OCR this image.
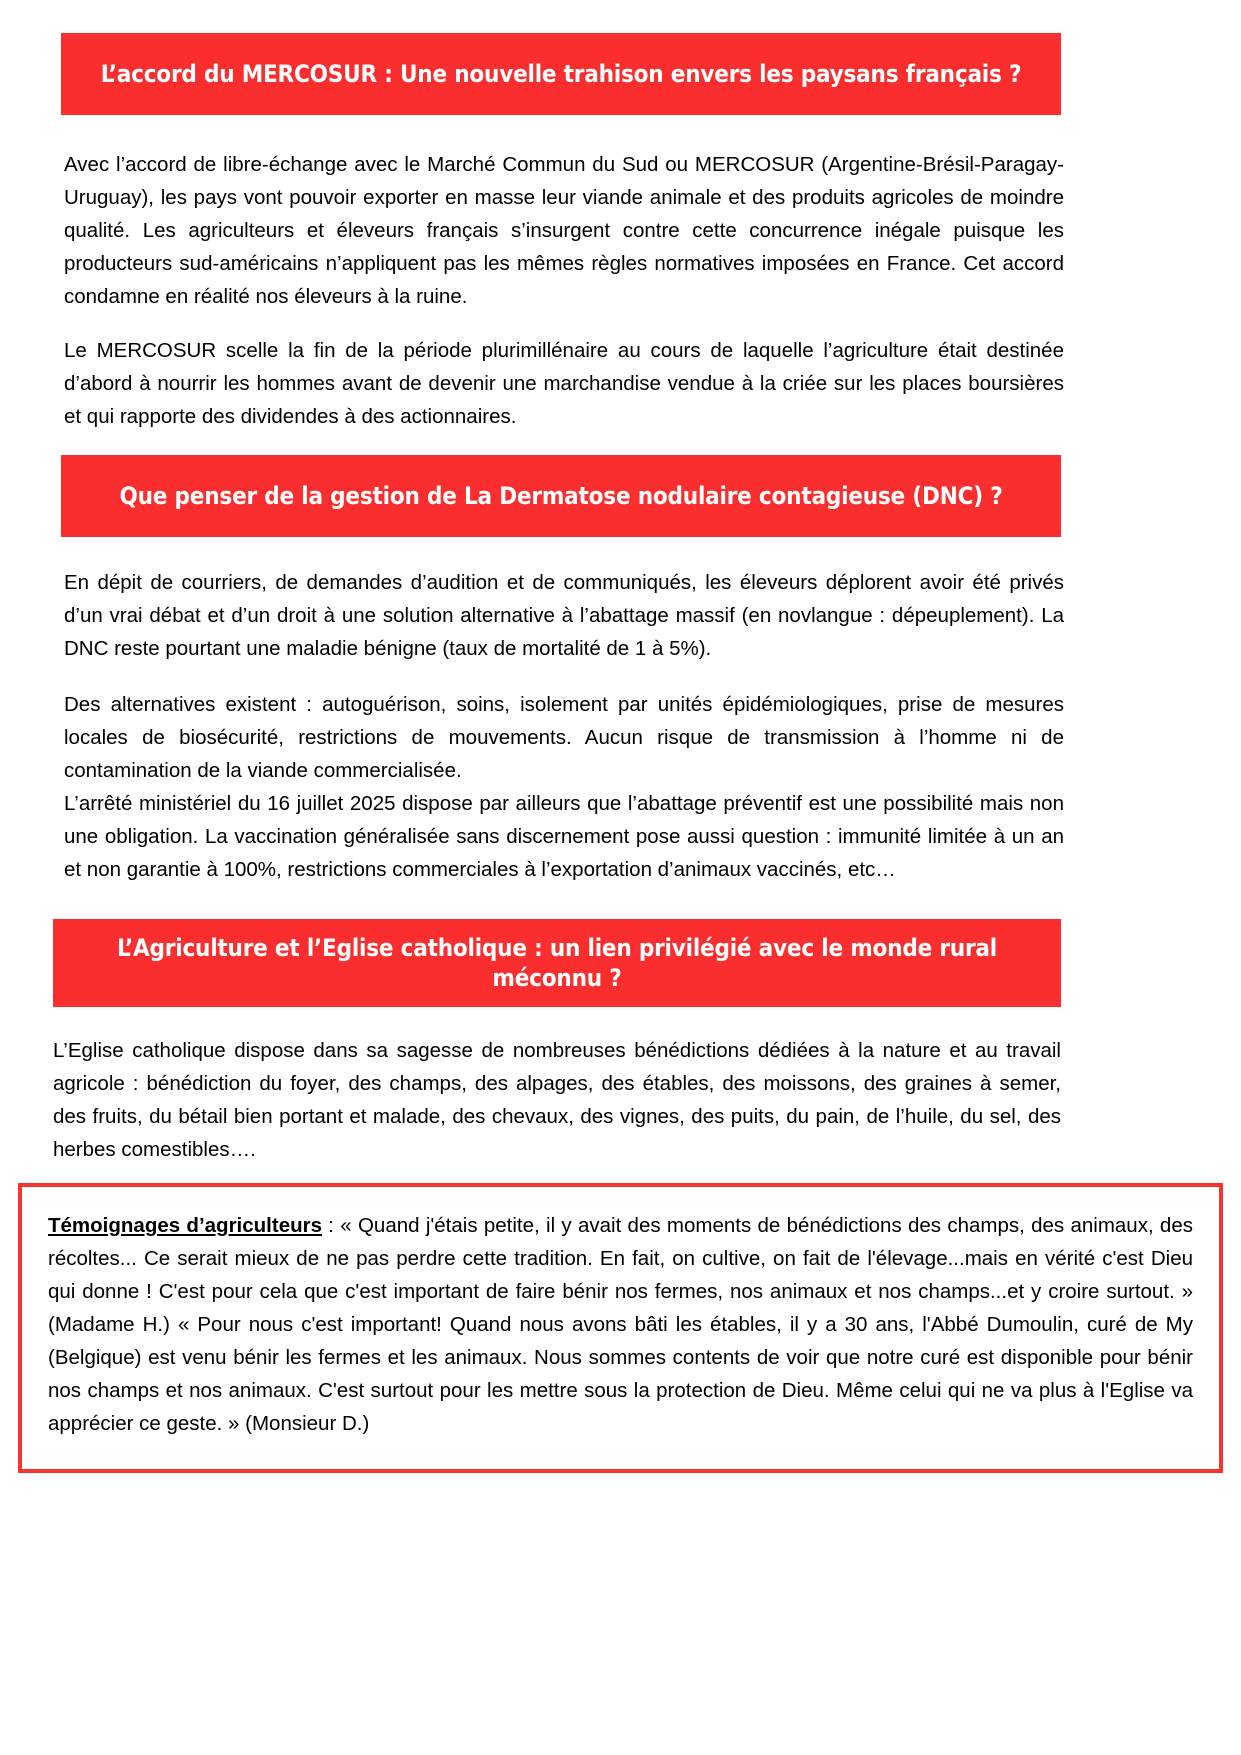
L’accord du MERCOSUR : Une nouvelle trahison envers les paysans français ?
Avec l’accord de libre-échange avec le Marché Commun du Sud ou MERCOSUR (Argentine-Brésil-Paragay-Uruguay), les pays vont pouvoir exporter en masse leur viande animale et des produits agricoles de moindre qualité. Les agriculteurs et éleveurs français s’insurgent contre cette concurrence inégale puisque les producteurs sud-américains n’appliquent pas les mêmes règles normatives imposées en France. Cet accord condamne en réalité nos éleveurs à la ruine.
Le MERCOSUR scelle la fin de la période plurimillénaire au cours de laquelle l’agriculture était destinée d’abord à nourrir les hommes avant de devenir une marchandise vendue à la criée sur les places boursières et qui rapporte des dividendes à des actionnaires.
Que penser de la gestion de La Dermatose nodulaire contagieuse (DNC) ?
En dépit de courriers, de demandes d’audition et de communiqués, les éleveurs déplorent avoir été privés d’un vrai débat et d’un droit à une solution alternative à l’abattage massif (en novlangue : dépeuplement). La DNC reste pourtant une maladie bénigne (taux de mortalité de 1 à 5%).
Des alternatives existent : autoguérison, soins, isolement par unités épidémiologiques, prise de mesures locales de biosécurité, restrictions de mouvements. Aucun risque de transmission à l’homme ni de contamination de la viande commercialisée.
L’arrêté ministériel du 16 juillet 2025 dispose par ailleurs que l’abattage préventif est une possibilité mais non une obligation. La vaccination généralisée sans discernement pose aussi question : immunité limitée à un an et non garantie à 100%, restrictions commerciales à l’exportation d’animaux vaccinés, etc…
L’Agriculture et l’Eglise catholique : un lien privilégié avec le monde rural méconnu ?
L’Eglise catholique dispose dans sa sagesse de nombreuses bénédictions dédiées à la nature et au travail agricole : bénédiction du foyer, des champs, des alpages, des étables, des moissons, des graines à semer, des fruits, du bétail bien portant et malade, des chevaux, des vignes, des puits, du pain, de l’huile, du sel, des herbes comestibles….

Témoignages d’agriculteurs : « Quand j'étais petite, il y avait des moments de bénédictions des champs, des animaux, des récoltes... Ce serait mieux de ne pas perdre cette tradition. En fait, on cultive, on fait de l'élevage...mais en vérité c'est Dieu qui donne ! C'est pour cela que c'est important de faire bénir nos fermes, nos animaux et nos champs...et y croire surtout. » (Madame H.) « Pour nous c'est important! Quand nous avons bâti les étables, il y a 30 ans, l'Abbé Dumoulin, curé de My (Belgique) est venu bénir les fermes et les animaux. Nous sommes contents de voir que notre curé est disponible pour bénir nos champs et nos animaux. C'est surtout pour les mettre sous la protection de Dieu. Même celui qui ne va plus à l'Eglise va apprécier ce geste. » (Monsieur D.)
